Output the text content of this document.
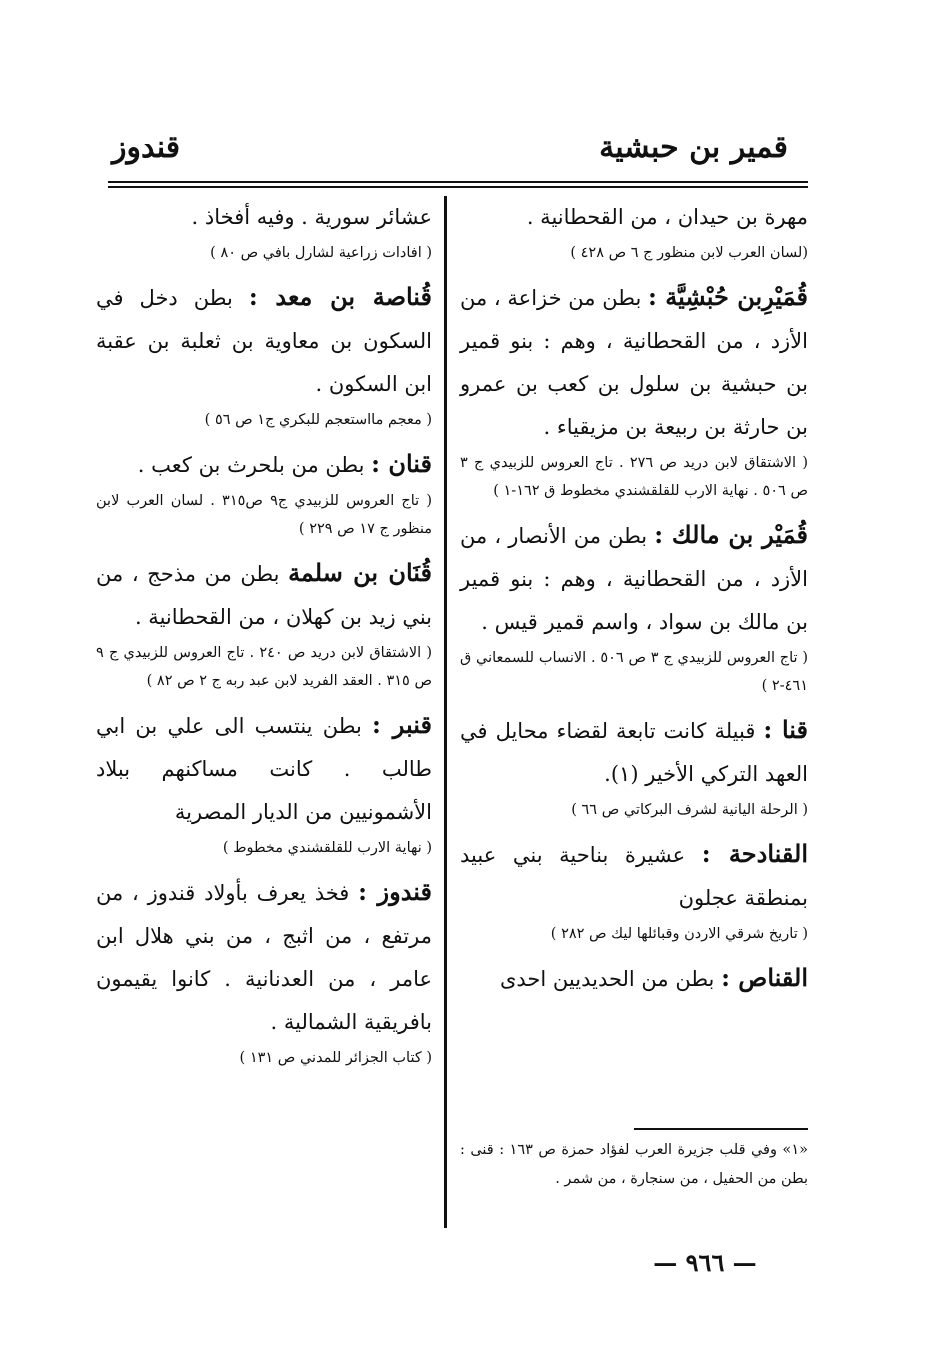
قمير بن حبشية
قندوز

مهرة بن حيدان ، من القحطانية .

(لسان العرب لابن منظور ج ٦ ص ٤٢٨ )

قُمَيْرِبن حُبْشِيَّة : بطن من خزاعة ، من الأزد ، من القحطانية ، وهم : بنو قمير بن حبشية بن سلول بن كعب بن عمرو بن حارثة بن ربيعة بن مزيقياء .

( الاشتقاق لابن دريد ص ٢٧٦ . تاج العروس للزبيدي ج ٣ ص ٥٠٦ . نهاية الارب للقلقشندي مخطوط ق ١٦٢-١ )

قُمَيْر بن مالك : بطن من الأنصار ، من الأزد ، من القحطانية ، وهم : بنو قمير بن مالك بن سواد ، واسم قمير قيس .

( تاج العروس للزبيدي ج ٣ ص ٥٠٦ . الانساب للسمعاني ق ٤٦١-٢ )

قنا : قبيلة كانت تابعة لقضاء محايل في العهد التركي الأخير (١).

( الرحلة اليانية لشرف البركاتي ص ٦٦ )

القنادحة : عشيرة بناحية بني عبيد بمنطقة عجلون

( تاريخ شرقي الاردن وقبائلها ليك ص ٢٨٢ )

القناص : بطن من الحديديين احدى

عشائر سورية . وفيه أفخاذ .

( افادات زراعية لشارل بافي ص ٨٠ )

قُناصة بن معد : بطن دخل في السكون بن معاوية بن ثعلبة بن عقبة ابن السكون .

( معجم مااستعجم للبكري ج١ ص ٥٦ )

قنان : بطن من بلحرث بن كعب .

( تاج العروس للزبيدي ج٩ ص٣١٥ . لسان العرب لابن منظور ج ١٧ ص ٢٢٩ )

قُنَان بن سلمة بطن من مذحج ، من بني زيد بن كهلان ، من القحطانية .

( الاشتقاق لابن دريد ص ٢٤٠ . تاج العروس للزبيدي ج ٩ ص ٣١٥ . العقد الفريد لابن عبد ربه ج ٢ ص ٨٢ )

قنبر : بطن ينتسب الى علي بن ابي طالب . كانت مساكنهم ببلاد الأشمونيين من الديار المصرية

( نهاية الارب للقلقشندي مخطوط )

قندوز : فخذ يعرف بأولاد قندوز ، من مرتفع ، من اثبج ، من بني هلال ابن عامر ، من العدنانية . كانوا يقيمون بافريقية الشمالية .

( كتاب الجزائر للمدني ص ١٣١ )

«١» وفي قلب جزيرة العرب لفؤاد حمزة ص ١٦٣ : قنى : بطن من الحفيل ، من سنجارة ، من شمر .
— ٩٦٦ —
